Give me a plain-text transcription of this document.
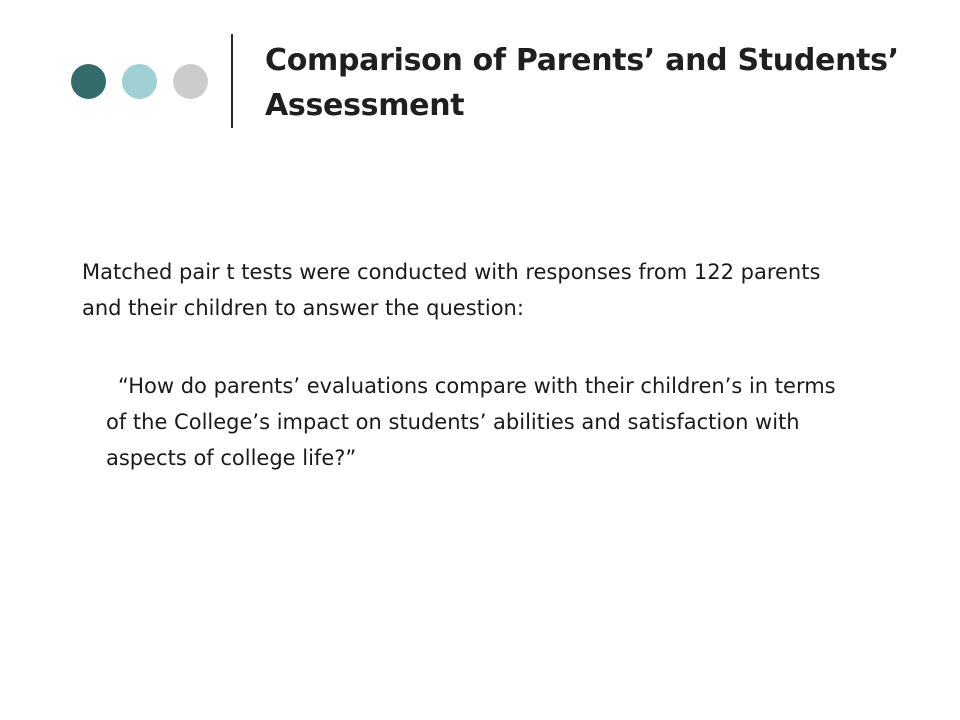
Comparison of Parents’ and Students’ Assessment

Matched pair t tests were conducted with responses from 122 parents and their children to answer the question:

“How do parents’ evaluations compare with their children’s in terms of the College’s impact on students’ abilities and satisfaction with aspects of college life?”
